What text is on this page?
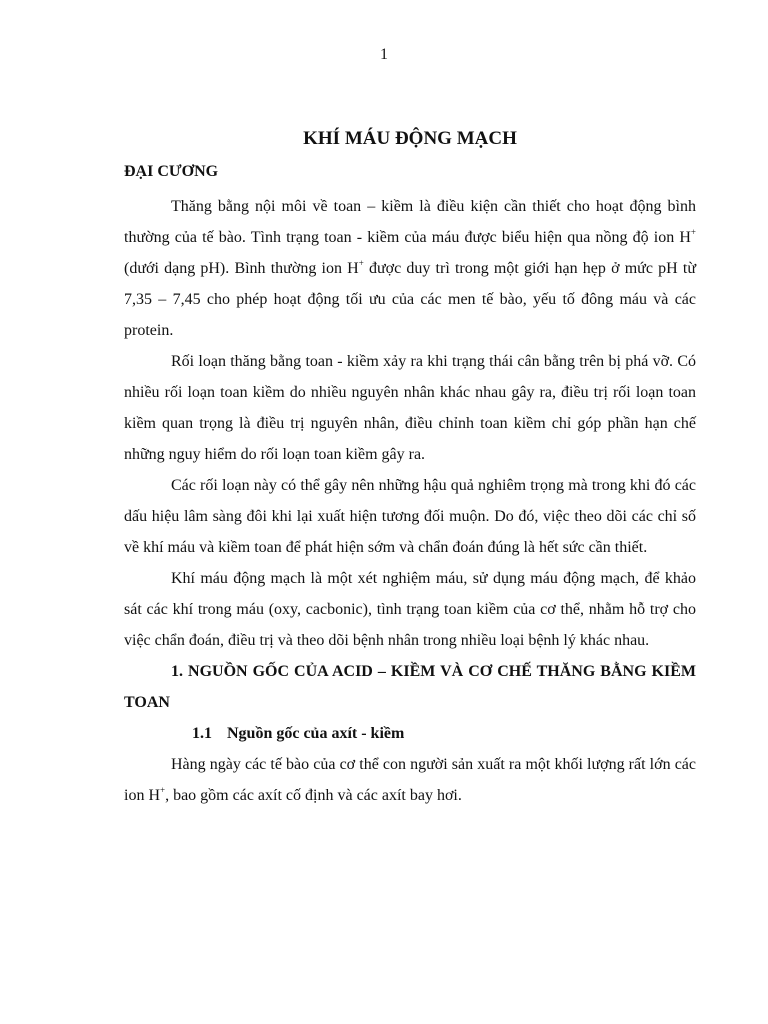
1
KHÍ MÁU ĐỘNG MẠCH
ĐẠI CƯƠNG

Thăng bằng nội môi về toan – kiềm là điều kiện cần thiết cho hoạt động bình thường của tế bào. Tình trạng toan - kiềm của máu được biểu hiện qua nồng độ ion H+ (dưới dạng pH). Bình thường ion H+ được duy trì trong một giới hạn hẹp ở mức pH từ 7,35 – 7,45 cho phép hoạt động tối ưu của các men tế bào, yếu tố đông máu và các protein.

Rối loạn thăng bằng toan - kiềm xảy ra khi trạng thái cân bằng trên bị phá vỡ. Có nhiều rối loạn toan kiềm do nhiều nguyên nhân khác nhau gây ra, điều trị rối loạn toan kiềm quan trọng là điều trị nguyên nhân, điều chỉnh toan kiềm chỉ góp phần hạn chế những nguy hiểm do rối loạn toan kiềm gây ra.

Các rối loạn này có thể gây nên những hậu quả nghiêm trọng mà trong khi đó các dấu hiệu lâm sàng đôi khi lại xuất hiện tương đối muộn. Do đó, việc theo dõi các chỉ số về khí máu và kiềm toan để phát hiện sớm và chẩn đoán đúng là hết sức cần thiết.

Khí máu động mạch là một xét nghiệm máu, sử dụng máu động mạch, để khảo sát các khí trong máu (oxy, cacbonic), tình trạng toan kiềm của cơ thể, nhằm hỗ trợ cho việc chẩn đoán, điều trị và theo dõi bệnh nhân trong nhiều loại bệnh lý khác nhau.

1. NGUỒN GỐC CỦA ACID – KIỀM VÀ CƠ CHẾ THĂNG BẰNG KIỀM TOAN

1.1 Nguồn gốc của axít - kiềm

Hàng ngày các tế bào của cơ thể con người sản xuất ra một khối lượng rất lớn các ion H+, bao gồm các axít cố định và các axít bay hơi.
